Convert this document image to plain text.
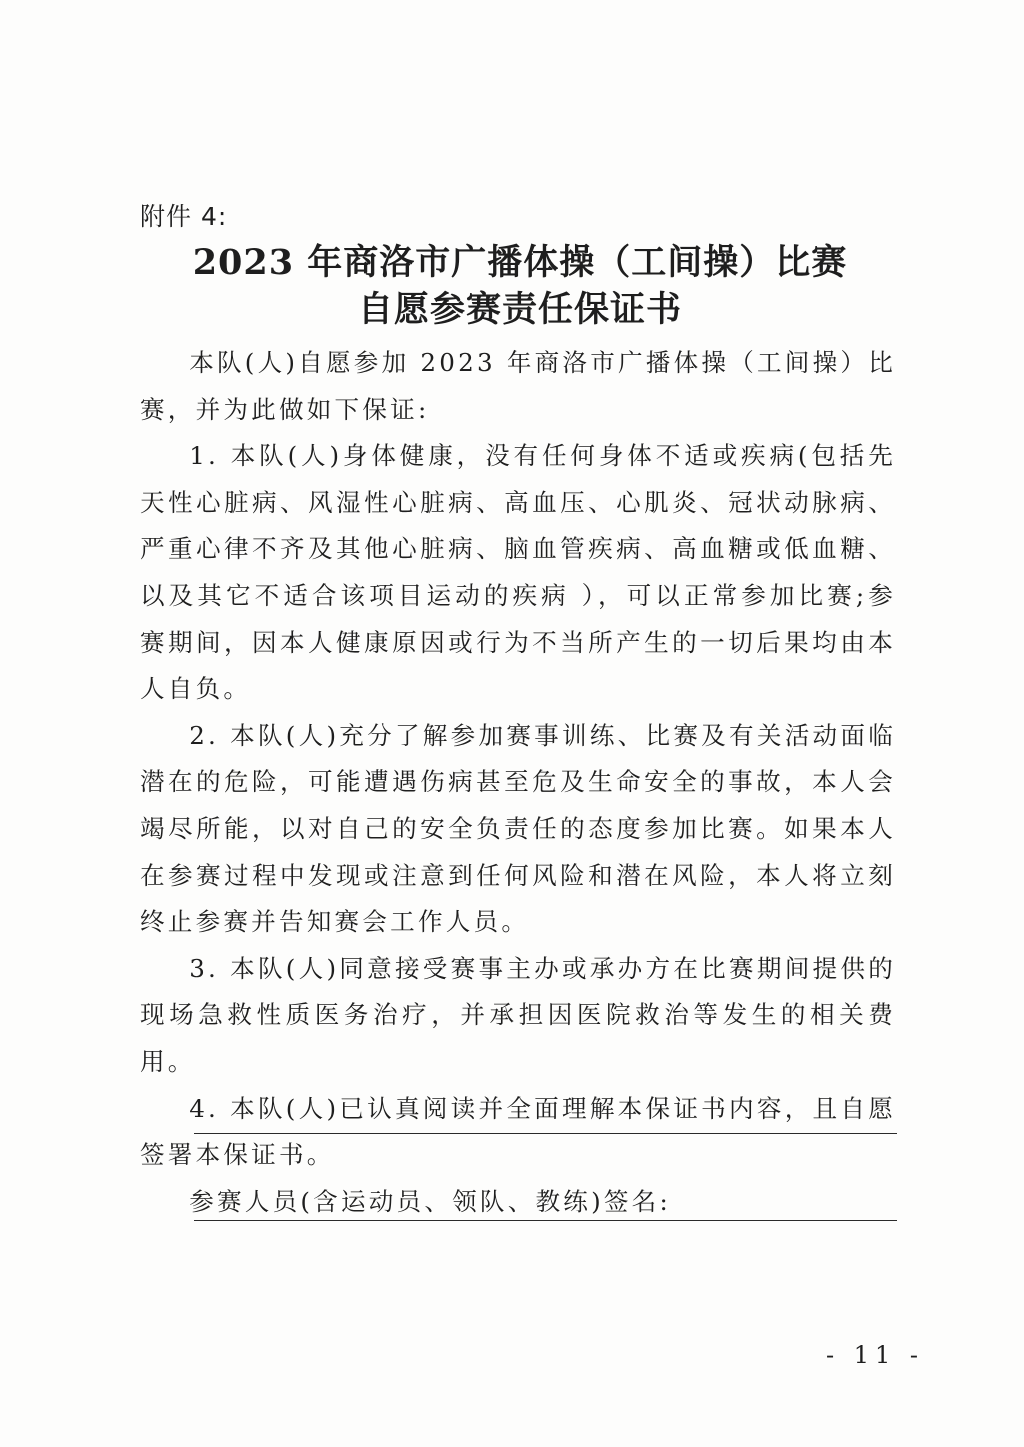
附件 4:
2023 年商洛市广播体操（工间操）比赛
自愿参赛责任保证书

本队(人)自愿参加 2023 年商洛市广播体操（工间操）比赛，并为此做如下保证:

1. 本队(人)身体健康，没有任何身体不适或疾病(包括先天性心脏病、风湿性心脏病、高血压、心肌炎、冠状动脉病、严重心律不齐及其他心脏病、脑血管疾病、高血糖或低血糖、以及其它不适合该项目运动的疾病 ），可以正常参加比赛;参赛期间，因本人健康原因或行为不当所产生的一切后果均由本人自负。

2. 本队(人)充分了解参加赛事训练、比赛及有关活动面临潜在的危险，可能遭遇伤病甚至危及生命安全的事故，本人会竭尽所能，以对自己的安全负责任的态度参加比赛。如果本人在参赛过程中发现或注意到任何风险和潜在风险，本人将立刻终止参赛并告知赛会工作人员。

3. 本队(人)同意接受赛事主办或承办方在比赛期间提供的现场急救性质医务治疗，并承担因医院救治等发生的相关费用。

4. 本队(人)已认真阅读并全面理解本保证书内容，且自愿签署本保证书。

参赛人员(含运动员、领队、教练)签名:

- 11 -
